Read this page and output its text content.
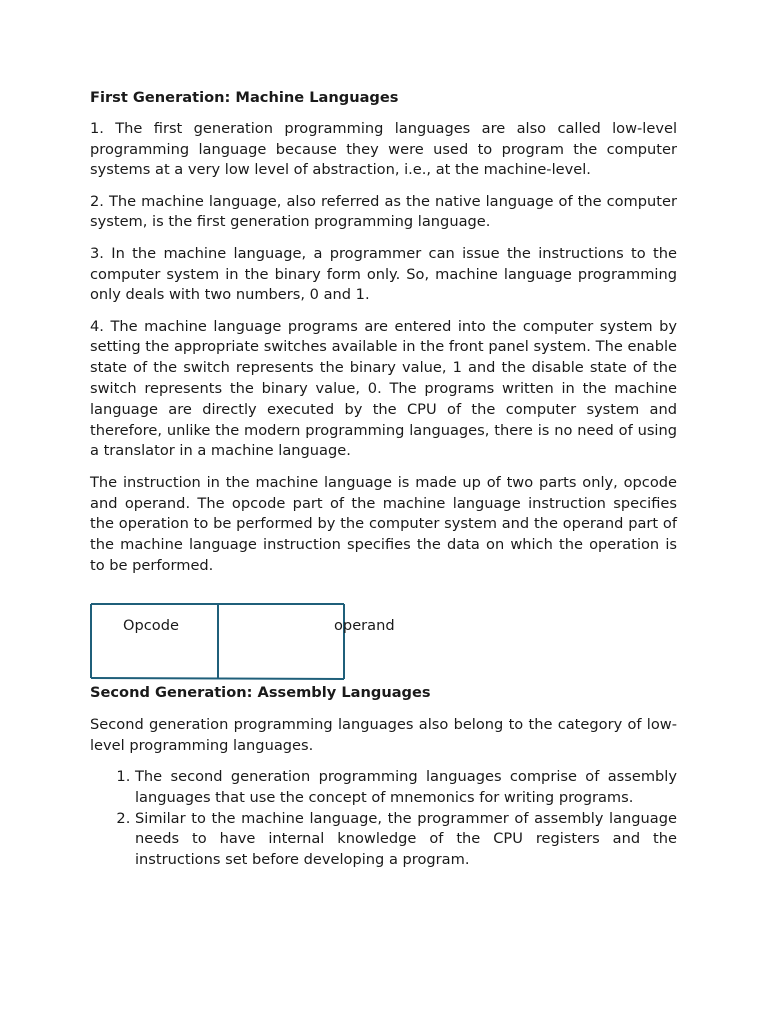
First Generation: Machine Languages

1. The first generation programming languages are also called low-level programming language because they were used to program the computer systems at a very low level of abstraction, i.e., at the machine-level.

2. The machine language, also referred as the native language of the computer system, is the first generation programming language.

3. In the machine language, a programmer can issue the instructions to the computer system in the binary form only. So, machine language programming only deals with two numbers, 0 and 1.

4. The machine language programs are entered into the computer system by setting the appropriate switches available in the front panel system. The enable state of the switch represents the binary value, 1 and the disable state of the switch represents the binary value, 0. The programs written in the machine language are directly executed by the CPU of the computer system and therefore, unlike the modern programming languages, there is no need of using a translator in a machine language.

The instruction in the machine language is made up of two parts only, opcode and operand. The opcode part of the machine language instruction specifies the operation to be performed by the computer system and the operand part of the machine language instruction specifies the data on which the operation is to be performed.

Opcode	operand
Second Generation: Assembly Languages

Second generation programming languages also belong to the category of low-level programming languages.

1. The second generation programming languages comprise of assembly languages that use the concept of mnemonics for writing programs.
2. Similar to the machine language, the programmer of assembly language needs to have internal knowledge of the CPU registers and the instructions set before developing a program.
